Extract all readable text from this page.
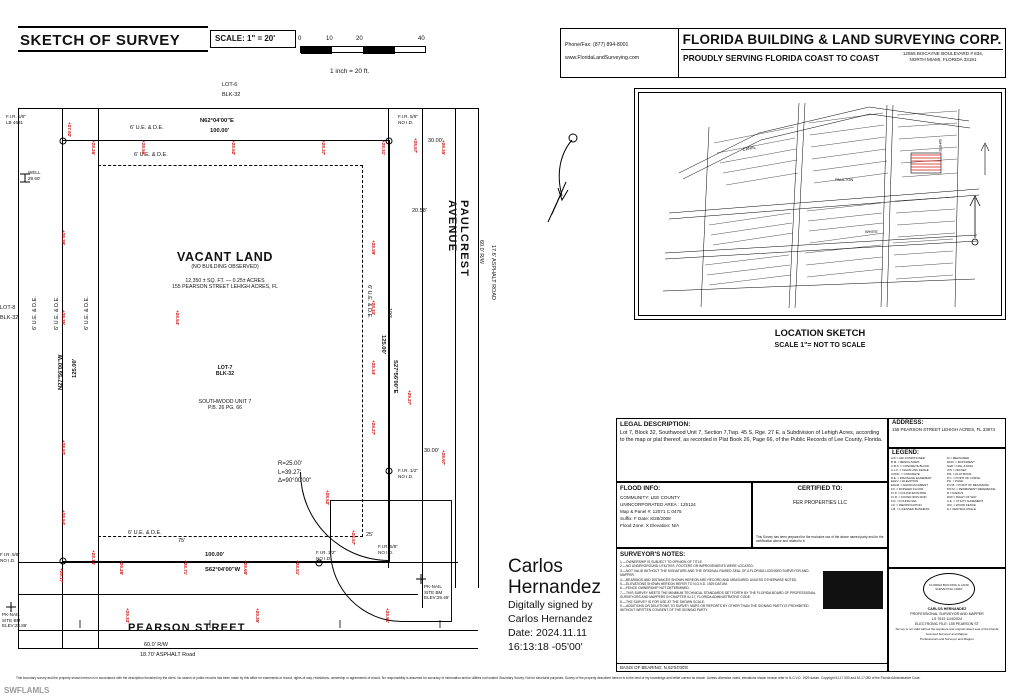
SKETCH OF SURVEY	SCALE: 1" = 20'	0	10	20	40
1 inch = 20 ft.
Phone/Fax: (877) 894-8001
www.FloridaLandSurveying.com
FLORIDA BUILDING & LAND SURVEYING CORP.
PROUDLY SERVING FLORIDA COAST TO COAST	12555 BISCAYNE BOULEVARD # 834,
NORTH MIAMI, FLORIDA 33181
CANAL
PAULTON
WHITE
WHITE
LOCATION SKETCH
SCALE 1"= NOT TO SCALE
LEGAL DESCRIPTION:
Lot 7, Block 32, Southwood Unit 7, Section 7,Twp. 45 S, Rge. 27 E, a Subdivision of Lehigh Acres, according to the map or plat thereof, as recorded in Plat Book 26, Page 66, of the Public Records of Lee County, Florida.
FLOOD INFO:
COMMUNITY: LEE COUNTY
UNINCORPORATED AREA : 125124
Map & Panel #: 12071 C 0475
Suffix: F Date: 8/28/2008
Flood Zone: X Elevation: N/A
CERTIFIED TO:
FER PROPERTIES LLC
This Survey has been prepared for the exclusive use of the above named party and for the certification above and related to it.
SURVEYOR'S NOTES:
1.—OWNERSHIP IS SUBJECT TO OPINION OF TITLE.
2.—NO UNDERGROUND UTILITIES, FOOTERS OR IMPROVEMENTS WERE LOCATED.
3.—NOT VALID WITHOUT THE SIGNATURE AND THE ORIGINAL RAISED SEAL OF A FLORIDA LICENSED SURVEYOR AND MAPPER.
4.—BEARINGS AND DISTANCES SHOWN HEREON ARE RECORD AND MEASURED UNLESS OTHERWISE NOTED.
5.—ELEVATIONS SHOWN HEREON REFER TO N.G.V.D. 1929 DATUM.
6.—FENCE OWNERSHIP NOT DETERMINED.
7.—THIS SURVEY MEETS THE MINIMUM TECHNICAL STANDARDS SET FORTH BY THE FLORIDA BOARD OF PROFESSIONAL SURVEYORS AND MAPPERS IN CHAPTER 5J-17, FLORIDA ADMINISTRATIVE CODE.
8.—THE SURVEY IS FOR USE AT THE SHOWN SCALE.
9.—ADDITIONS OR DELETIONS TO SURVEY MAPS OR REPORTS BY OTHER THAN THE SIGNING PARTY IS PROHIBITED WITHOUT WRITTEN CONSENT OF THE SIGNING PARTY.
BASIS OF BEARING: N.62'04'00'E
ADDRESS:
155 PEARSON STREET LEHIGH ACRES, FL 33974
LEGEND:
A/C = AIR CONDITIONER
B.M. = BENCH MARK
C.B.S. = CONCRETE BLOCK
C.L.F. = CHAIN LINK FENCE
CONC. = CONCRETE
D.E. = DRAINAGE EASEMENT
ELEV. = ELEVATION
ENCR. = ENCROACHMENT
F.F. = FINISHED FLOOR
F.I.P. = FOUND IRON PIPE
F.I.R. = FOUND IRON ROD
F.N. = FOUND NAIL
I.D. = IDENTIFICATION
L.B. = LICENSED BUSINESS
M = MEASURED
MON. = MONUMENT
N&D = NAIL & DISK
O/S = OFFSET
P.B. = PLAT BOOK
P.C. = POINT OF CURVE
PG. = PAGE
P.O.B. = POINT OF BEGINNING
P.R.M. = PERMANENT REFERENCE
R = RADIUS
R/W = RIGHT OF WAY
U.E. = UTILITY EASEMENT
W.F. = WOOD FENCE
Δ = CENTRAL ANGLE
FLORIDA BUILDING & LAND SURVEYING CORP.
CARLOS HERNANDEZ
PROFESSIONAL SURVEYOR AND MAPPER
LS 7619 11/4/2024
ELECTRONIC FILE: 155 PEARSON ST
Survey is not valid without the signature and original raised seal of the Florida Licensed Surveyor and Mapper.
Professional Land Surveyor and Mapper
This boundary survey and the property shown hereon is in accordance with the description furnished by the client. No search of public records has been made by this office for easements of record, rights-of-way, restrictions, ownership or agreements of record. No responsibility is assumed for accuracy of information and/or utilities not located. Boundary Survey. Not for structural purposes. Survey of the property described hereon is to the best of my knowledge and belief correct as shown. Unless otherwise noted, elevations shown hereon refer to N.G.V.D. 1929 datum. Copyright 5J-17.050 and 5J-17.052 of the Florida Administrative Code.
SWFLAMLS
Carlos Hernandez
Digitally signed by
Carlos Hernandez
Date: 2024.11.11
16:13:18 -05'00'
N62°04'00"E
100.00'
100.00'
S62°04'00"W
N27°56'00"W 125.00'	S27°56'00"E
125.00'
6' U.E. & D.E.
6' U.E. & D.E.
6' U.E. & D.E.
6' U.E. & D.E.	6' U.E. & D.E.	6' U.E. & D.E.
6' U.E. & D.E.
LOT-6
BLK-32
LOT-8
BLK-32
VACANT LAND
(NO BUILDING OBSERVED)
12,350 ± SQ. FT. — 0.25± ACRES
155 PEARSON STREET LEHIGH ACRES, FL
LOT-7
BLK-32
SOUTHWOOD UNIT 7
P.B. 26 PG. 66
30.00'
20.58'
100'
30.00'
75'
25'
R=25.00'
L=39.27'
Δ=90°00'00"
F.I.R. 5/8"
LB 4631
F.I.R. 5/8"
NO I.D.
F.I.R. 1/2"
NO I.D.
F.I.R. 1/2"
NO I.D.
F.I.R. 5/8"
NO I.D.
F.I.R. 5/8"
NO I.D.
PK-NAIL
SITE BM
ELEV:29.45'
PK-NAIL
SITE BM
ELEV:28.86'
WELL
29.60'
PAULCREST AVENUE	60.0' R/W 17.6' ASPHALT ROAD
PEARSON STREET
60.0' R/W
18.70' ASPHALT Road
+27.92'
+28.26'	+28.56'	+28.52'	+28.37'	+28.31'	+28.35'
+28.57'
+28.39'
+28.35'
+28.52'
+28.54'
+28.39'
+28.33'
+28.34'
+29.27'
+29.27'
+28.97'
+28.54'
+28.52'
+28.57'
+28.51'
+28.68'
+28.71'
+29.28'
+28.14'
+28.17'
+29.33'	+29.35'	+28.51'
